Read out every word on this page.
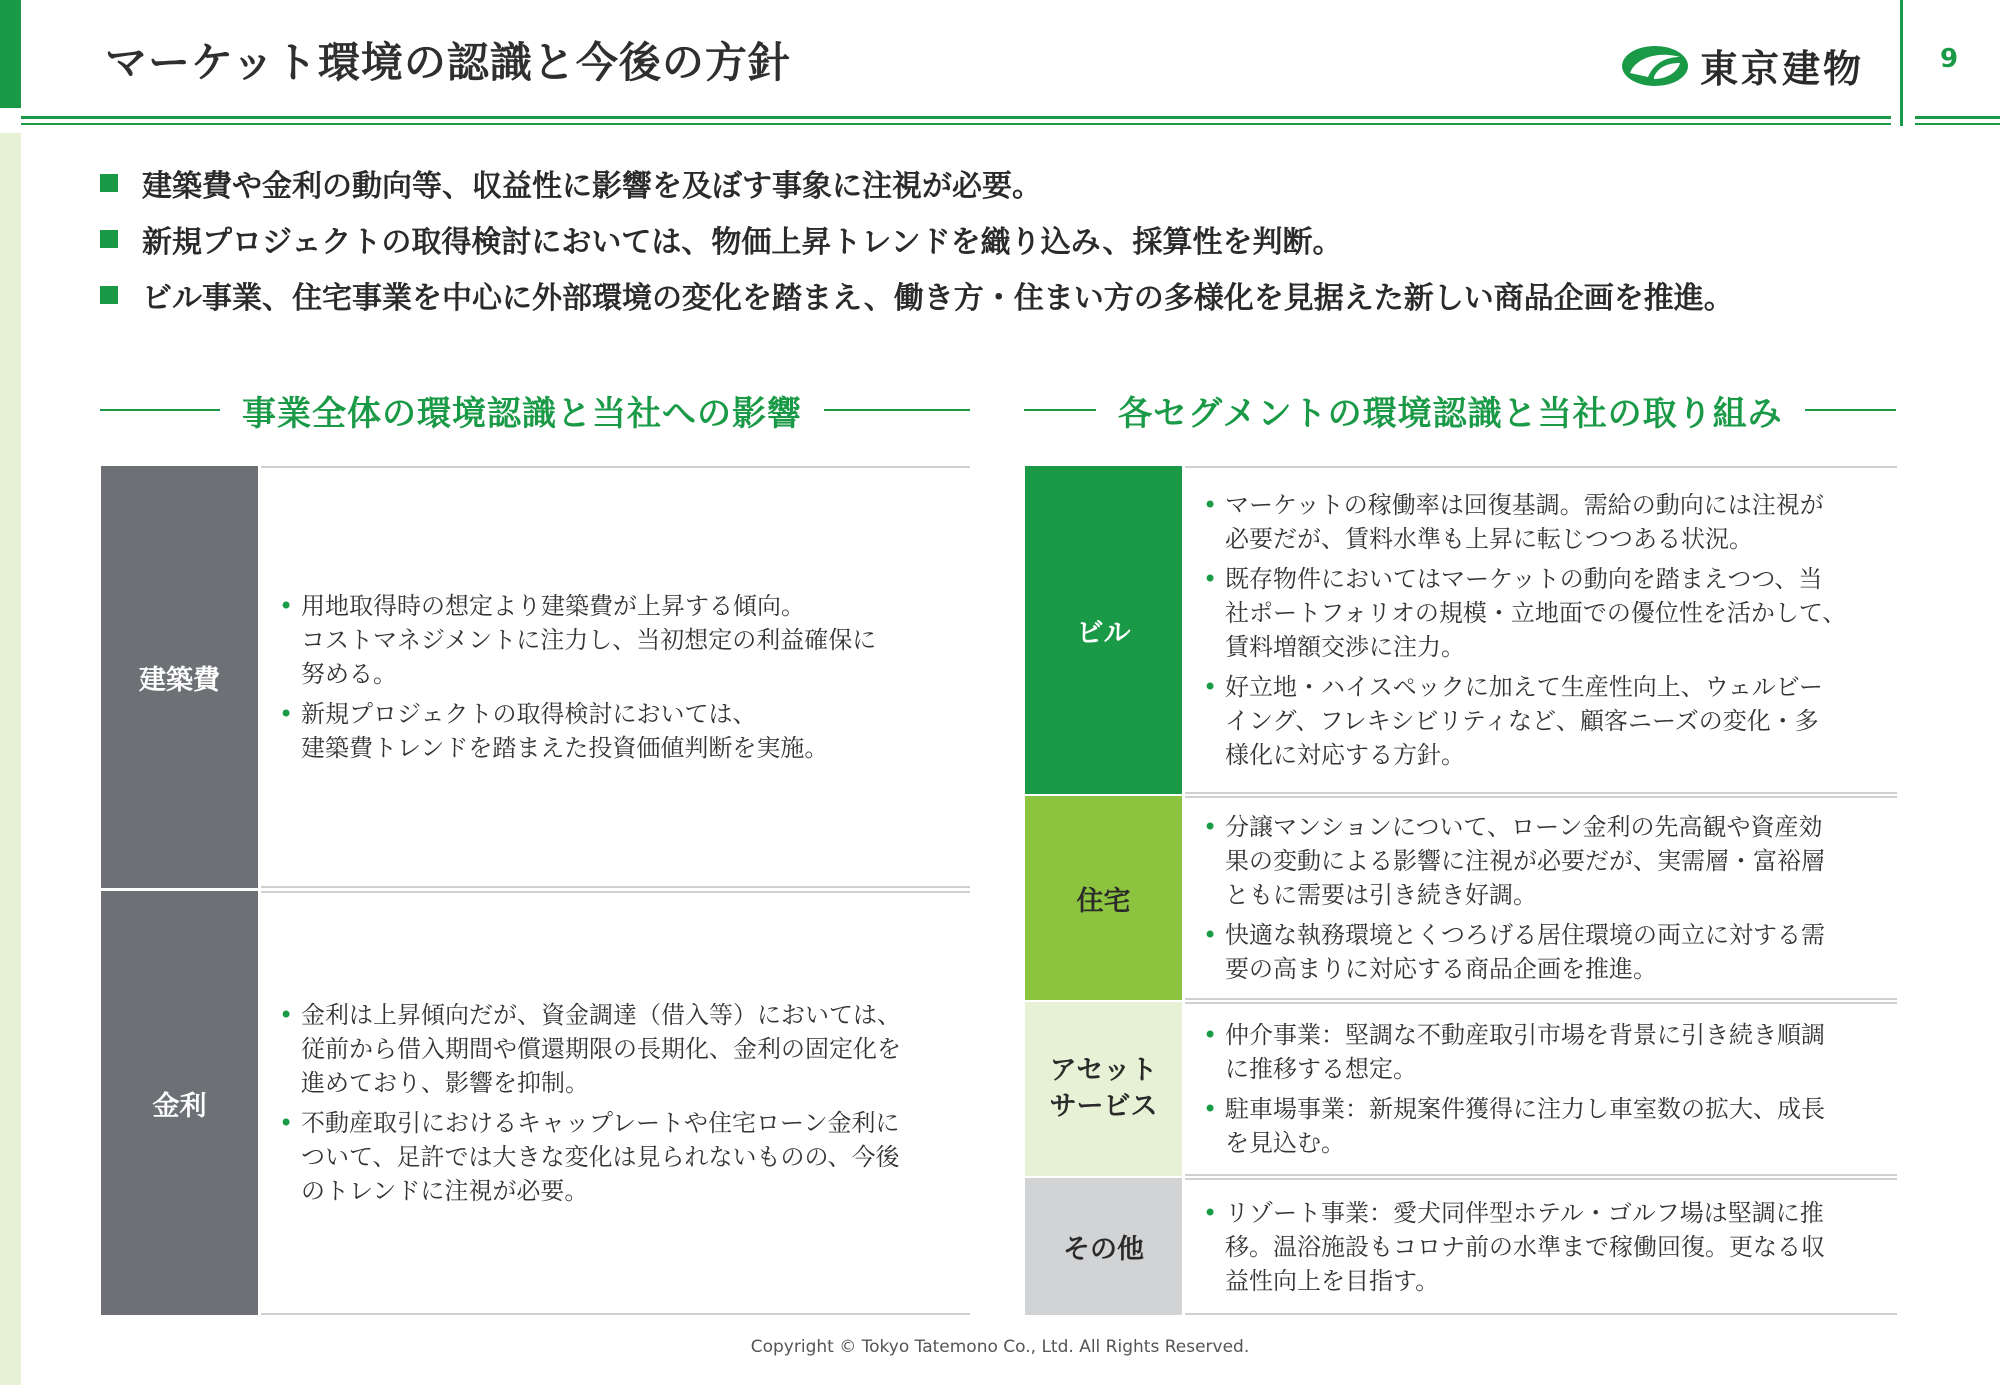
マーケット環境の認識と今後の方針	東京建物	9
建築費や金利の動向等、収益性に影響を及ぼす事象に注視が必要。
新規プロジェクトの取得検討においては、物価上昇トレンドを織り込み、採算性を判断。
ビル事業、住宅事業を中心に外部環境の変化を踏まえ、働き方・住まい方の多様化を見据えた新しい商品企画を推進。
事業全体の環境認識と当社への影響	各セグメントの環境認識と当社の取り組み
建築費
• 用地取得時の想定より建築費が上昇する傾向。
コストマネジメントに注力し、当初想定の利益確保に
努める。
• 新規プロジェクトの取得検討においては、
建築費トレンドを踏まえた投資価値判断を実施。
金利
• 金利は上昇傾向だが、資金調達（借入等）においては、
従前から借入期間や償還期限の長期化、金利の固定化を
進めており、影響を抑制。
• 不動産取引におけるキャップレートや住宅ローン金利に
ついて、足許では大きな変化は見られないものの、今後
のトレンドに注視が必要。
ビル
• マーケットの稼働率は回復基調。需給の動向には注視が
必要だが、賃料水準も上昇に転じつつある状況。
• 既存物件においてはマーケットの動向を踏まえつつ、当
社ポートフォリオの規模・立地面での優位性を活かして、
賃料増額交渉に注力。
• 好立地・ハイスペックに加えて生産性向上、ウェルビー
イング、フレキシビリティなど、顧客ニーズの変化・多
様化に対応する方針。
住宅
• 分譲マンションについて、ローン金利の先高観や資産効
果の変動による影響に注視が必要だが、実需層・富裕層
ともに需要は引き続き好調。
• 快適な執務環境とくつろげる居住環境の両立に対する需
要の高まりに対応する商品企画を推進。
アセット
サービス
• 仲介事業：堅調な不動産取引市場を背景に引き続き順調
に推移する想定。
• 駐車場事業：新規案件獲得に注力し車室数の拡大、成長
を見込む。
その他
• リゾート事業：愛犬同伴型ホテル・ゴルフ場は堅調に推
移。温浴施設もコロナ前の水準まで稼働回復。更なる収
益性向上を目指す。
Copyright © Tokyo Tatemono Co., Ltd. All Rights Reserved.
